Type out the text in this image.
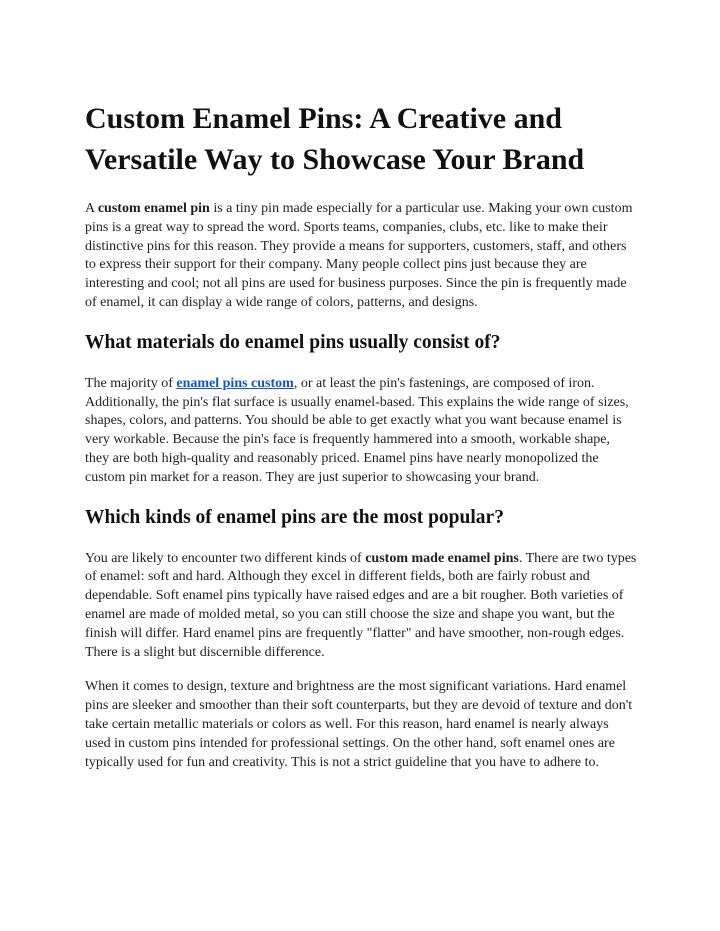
Custom Enamel Pins: A Creative and Versatile Way to Showcase Your Brand

A custom enamel pin is a tiny pin made especially for a particular use. Making your own custom pins is a great way to spread the word. Sports teams, companies, clubs, etc. like to make their distinctive pins for this reason. They provide a means for supporters, customers, staff, and others to express their support for their company. Many people collect pins just because they are interesting and cool; not all pins are used for business purposes. Since the pin is frequently made of enamel, it can display a wide range of colors, patterns, and designs.

What materials do enamel pins usually consist of?

The majority of enamel pins custom, or at least the pin's fastenings, are composed of iron. Additionally, the pin's flat surface is usually enamel-based. This explains the wide range of sizes, shapes, colors, and patterns. You should be able to get exactly what you want because enamel is very workable. Because the pin's face is frequently hammered into a smooth, workable shape, they are both high-quality and reasonably priced. Enamel pins have nearly monopolized the custom pin market for a reason. They are just superior to showcasing your brand.

Which kinds of enamel pins are the most popular?

You are likely to encounter two different kinds of custom made enamel pins. There are two types of enamel: soft and hard. Although they excel in different fields, both are fairly robust and dependable. Soft enamel pins typically have raised edges and are a bit rougher. Both varieties of enamel are made of molded metal, so you can still choose the size and shape you want, but the finish will differ. Hard enamel pins are frequently "flatter" and have smoother, non-rough edges. There is a slight but discernible difference.

When it comes to design, texture and brightness are the most significant variations. Hard enamel pins are sleeker and smoother than their soft counterparts, but they are devoid of texture and don't take certain metallic materials or colors as well. For this reason, hard enamel is nearly always used in custom pins intended for professional settings. On the other hand, soft enamel ones are typically used for fun and creativity. This is not a strict guideline that you have to adhere to.
